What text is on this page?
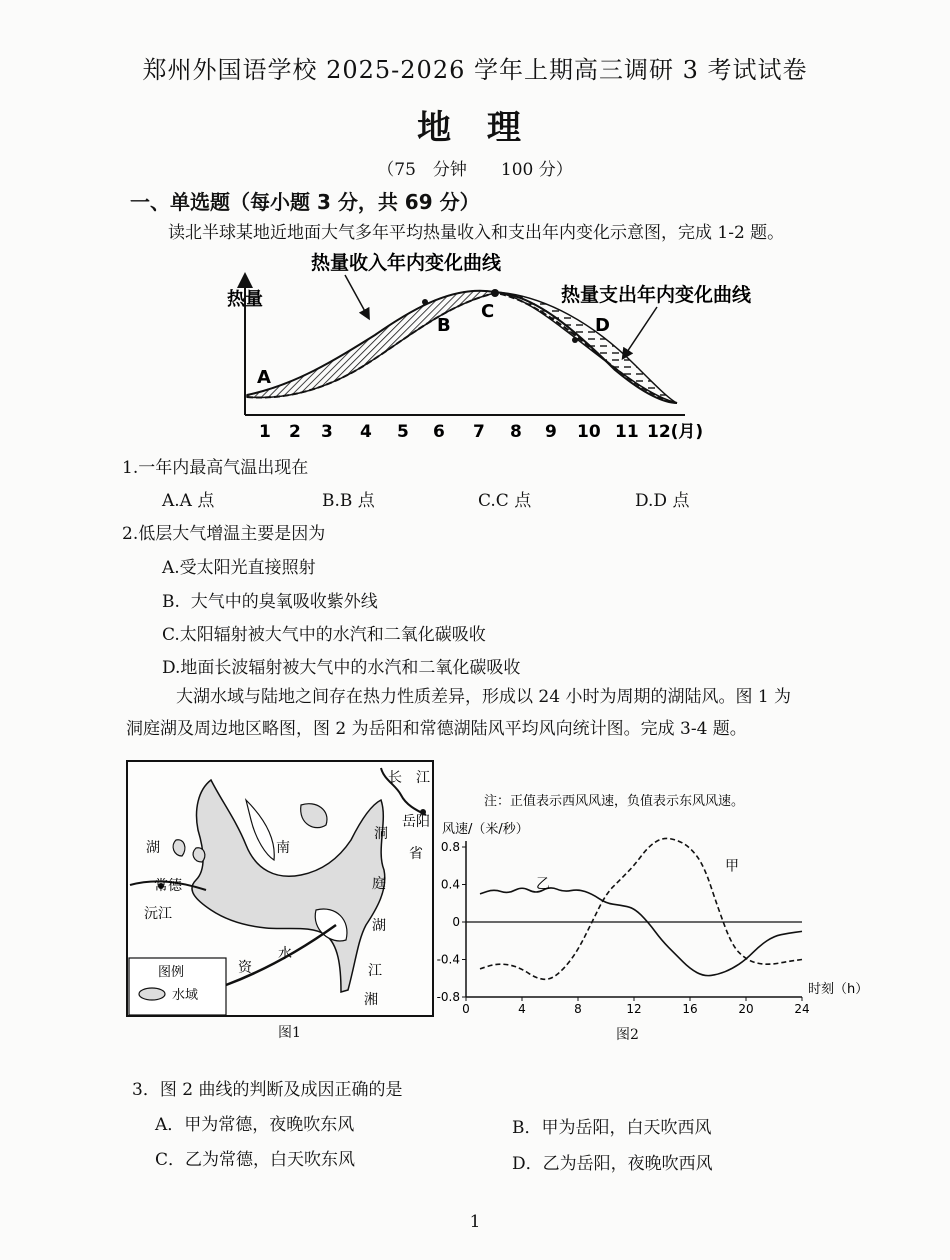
郑州外国语学校 2025-2026 学年上期高三调研 3 考试试卷
地 理
（75　分钟　　100 分）
一、单选题（每小题 3 分，共 69 分）
读北半球某地近地面大气多年平均热量收入和支出年内变化示意图，完成 1-2 题。
热量
A
B
C
D
热量收入年内变化曲线
热量支出年内变化曲线
1 2 3 4 5 6 7 8 9 10 11 12(月)
1.一年内最高气温出现在
A.A 点	B.B 点	C.C 点	D.D 点
2.低层大气增温主要是因为
A.受太阳光直接照射
B.  大气中的臭氧吸收紫外线
C.太阳辐射被大气中的水汽和二氧化碳吸收
D.地面长波辐射被大气中的水汽和二氧化碳吸收
大湖水域与陆地之间存在热力性质差异，形成以 24 小时为周期的湖陆风。图 1 为
洞庭湖及周边地区略图，图 2 为岳阳和常德湖陆风平均风向统计图。完成 3-4 题。
湖
常德
沅江
南
资
水
洞
庭
湖
省
江
湘
长 江
岳阳
图例
水域
图1
注：正值表示西风风速，负值表示东风风速。
风速/（米/秒）
时刻（h）
0.8
0.4
0
-0.4
-0.8
0	4	8	12	16	20	24
甲
乙
图2
3．图 2 曲线的判断及成因正确的是
A．甲为常德，夜晚吹东风	B．甲为岳阳，白天吹西风
C．乙为常德，白天吹东风	D．乙为岳阳，夜晚吹西风
1
